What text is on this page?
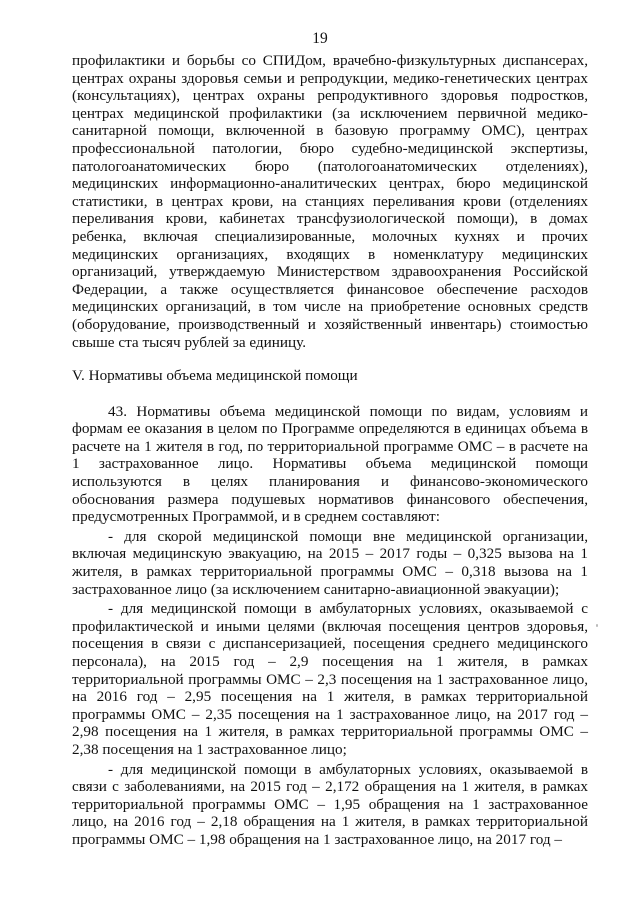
19

профилактики и борьбы со СПИДом, врачебно-физкультурных диспансерах, центрах охраны здоровья семьи и репродукции, медико-генетических центрах (консультациях), центрах охраны репродуктивного здоровья подростков, центрах медицинской профилактики (за исключением первичной медико-санитарной помощи, включенной в базовую программу ОМС), центрах профессиональной патологии, бюро судебно-медицинской экспертизы, патологоанатомических бюро (патологоанатомических отделениях), медицинских информационно-аналитических центрах, бюро медицинской статистики, в центрах крови, на станциях переливания крови (отделениях переливания крови, кабинетах трансфузиологической помощи), в домах ребенка, включая специализированные, молочных кухнях и прочих медицинских организациях, входящих в номенклатуру медицинских организаций, утверждаемую Министерством здравоохранения Российской Федерации, а также осуществляется финансовое обеспечение расходов медицинских организаций, в том числе на приобретение основных средств (оборудование, производственный и хозяйственный инвентарь) стоимостью свыше ста тысяч рублей за единицу.

V. Нормативы объема медицинской помощи

43. Нормативы объема медицинской помощи по видам, условиям и формам ее оказания в целом по Программе определяются в единицах объема в расчете на 1 жителя в год, по территориальной программе ОМС – в расчете на 1 застрахованное лицо. Нормативы объема медицинской помощи используются в целях планирования и финансово-экономического обоснования размера подушевых нормативов финансового обеспечения, предусмотренных Программой, и в среднем составляют:

- для скорой медицинской помощи вне медицинской организации, включая медицинскую эвакуацию, на 2015 – 2017 годы – 0,325 вызова на 1 жителя, в рамках территориальной программы ОМС – 0,318 вызова на 1 застрахованное лицо (за исключением санитарно-авиационной эвакуации);

- для медицинской помощи в амбулаторных условиях, оказываемой с профилактической и иными целями (включая посещения центров здоровья, посещения в связи с диспансеризацией, посещения среднего медицинского персонала), на 2015 год – 2,9 посещения на 1 жителя, в рамках территориальной программы ОМС – 2,3 посещения на 1 застрахованное лицо, на 2016 год – 2,95 посещения на 1 жителя, в рамках территориальной программы ОМС – 2,35 посещения на 1 застрахованное лицо, на 2017 год – 2,98 посещения на 1 жителя, в рамках территориальной программы ОМС – 2,38 посещения на 1 застрахованное лицо;

- для медицинской помощи в амбулаторных условиях, оказываемой в связи с заболеваниями, на 2015 год – 2,172 обращения на 1 жителя, в рамках территориальной программы ОМС – 1,95 обращения на 1 застрахованное лицо, на 2016 год – 2,18 обращения на 1 жителя, в рамках территориальной программы ОМС – 1,98 обращения на 1 застрахованное лицо, на 2017 год –
